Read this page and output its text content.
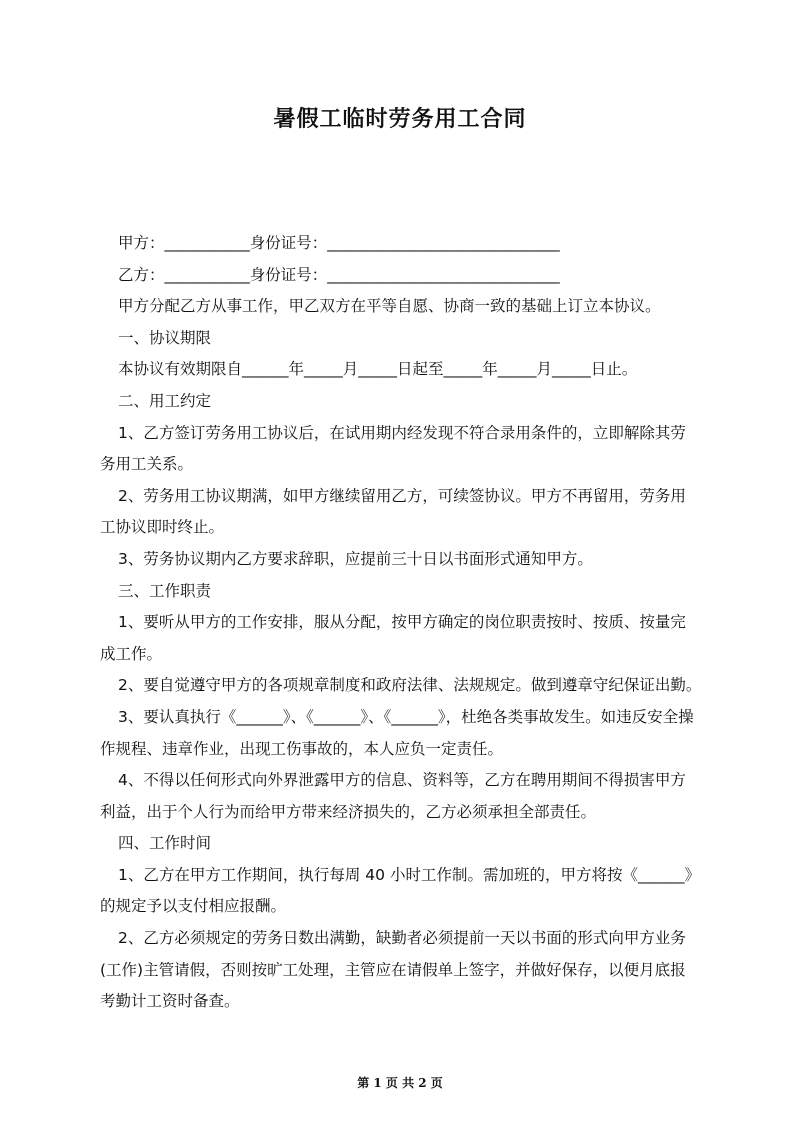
暑假工临时劳务用工合同
甲方：___________身份证号：______________________________
乙方：___________身份证号：______________________________
甲方分配乙方从事工作，甲乙双方在平等自愿、协商一致的基础上订立本协议。
一、协议期限
本协议有效期限自______年_____月_____日起至_____年_____月_____日止。
二、用工约定
1、乙方签订劳务用工协议后，在试用期内经发现不符合录用条件的，立即解除其劳
务用工关系。
2、劳务用工协议期满，如甲方继续留用乙方，可续签协议。甲方不再留用，劳务用
工协议即时终止。
3、劳务协议期内乙方要求辞职，应提前三十日以书面形式通知甲方。
三、工作职责
1、要听从甲方的工作安排，服从分配，按甲方确定的岗位职责按时、按质、按量完
成工作。
2、要自觉遵守甲方的各项规章制度和政府法律、法规规定。做到遵章守纪保证出勤。
3、要认真执行《______》、《______》、《______》，杜绝各类事故发生。如违反安全操
作规程、违章作业，出现工伤事故的，本人应负一定责任。
4、不得以任何形式向外界泄露甲方的信息、资料等，乙方在聘用期间不得损害甲方
利益，出于个人行为而给甲方带来经济损失的，乙方必须承担全部责任。
四、工作时间
1、乙方在甲方工作期间，执行每周 40 小时工作制。需加班的，甲方将按《______》
的规定予以支付相应报酬。
2、乙方必须规定的劳务日数出满勤，缺勤者必须提前一天以书面的形式向甲方业务
(工作)主管请假，否则按旷工处理，主管应在请假单上签字，并做好保存，以便月底报
考勤计工资时备查。
第 1 页 共 2 页
